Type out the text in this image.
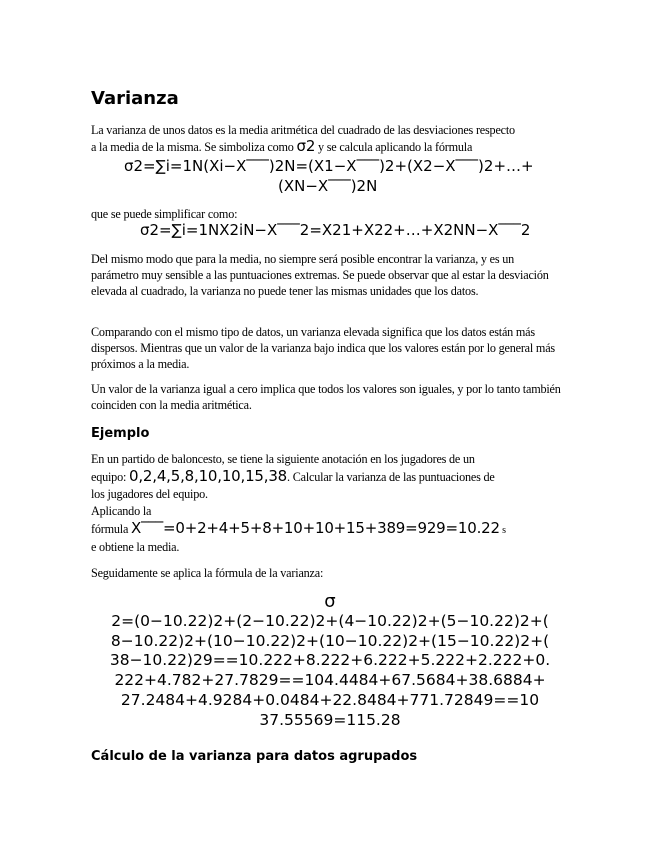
Varianza
La varianza de unos datos es la media aritmética del cuadrado de las desviaciones respecto
a la media de la misma. Se simboliza como σ2 y se calcula aplicando la fórmula
σ2=∑i=1N(Xi−X‾‾‾)2N=(X1−X‾‾‾)2+(X2−X‾‾‾)2+…+
(XN−X‾‾‾)2N
que se puede simplificar como:
σ2=∑i=1NX2iN−X‾‾‾2=X21+X22+…+X2NN−X‾‾‾2
Del mismo modo que para la media, no siempre será posible encontrar la varianza, y es un parámetro muy sensible a las puntuaciones extremas. Se puede observar que al estar la desviación elevada al cuadrado, la varianza no puede tener las mismas unidades que los datos.
Comparando con el mismo tipo de datos, un varianza elevada significa que los datos están más dispersos. Mientras que un valor de la varianza bajo indica que los valores están por lo general más próximos a la media.
Un valor de la varianza igual a cero implica que todos los valores son iguales, y por lo tanto también coinciden con la media aritmética.
Ejemplo
En un partido de baloncesto, se tiene la siguiente anotación en los jugadores de un
equipo: 0,2,4,5,8,10,10,15,38. Calcular la varianza de las puntuaciones de
los jugadores del equipo.
Aplicando la
fórmula X‾‾‾=0+2+4+5+8+10+10+15+389=929=10.22 s
e obtiene la media.
Seguidamente se aplica la fórmula de la varianza:
σ
2=(0−10.22)2+(2−10.22)2+(4−10.22)2+(5−10.22)2+(
8−10.22)2+(10−10.22)2+(10−10.22)2+(15−10.22)2+(
38−10.22)29==10.222+8.222+6.222+5.222+2.222+0.
222+4.782+27.7829==104.4484+67.5684+38.6884+
27.2484+4.9284+0.0484+22.8484+771.72849==10
37.55569=115.28
Cálculo de la varianza para datos agrupados
